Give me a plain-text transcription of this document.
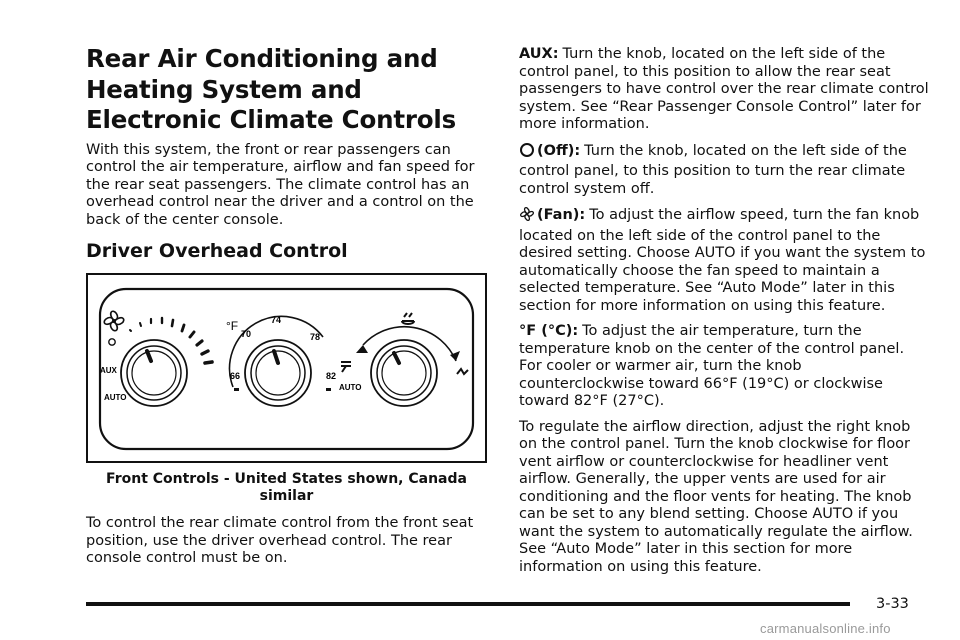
Rear Air Conditioning and Heating System and Electronic Climate Controls

With this system, the front or rear passengers can control the air temperature, airflow and fan speed for the rear seat passengers. The climate control has an overhead control near the driver and a control on the back of the center console.

Driver Overhead Control
AUX
AUTO
°F
70
74
78
66	82
AUTO
Front Controls - United States shown, Canada similar

To control the rear climate control from the front seat position, use the driver overhead control. The rear console control must be on.

AUX: Turn the knob, located on the left side of the control panel, to this position to allow the rear seat passengers to have control over the rear climate control system. See “Rear Passenger Console Control” later for more information.

(Off): Turn the knob, located on the left side of the control panel, to this position to turn the rear climate control system off.

(Fan): To adjust the airflow speed, turn the fan knob located on the left side of the control panel to the desired setting. Choose AUTO if you want the system to automatically choose the fan speed to maintain a selected temperature. See “Auto Mode” later in this section for more information on using this feature.

°F (°C): To adjust the air temperature, turn the temperature knob on the center of the control panel. For cooler or warmer air, turn the knob counterclockwise toward 66°F (19°C) or clockwise toward 82°F (27°C).

To regulate the airflow direction, adjust the right knob on the control panel. Turn the knob clockwise for floor vent airflow or counterclockwise for headliner vent airflow. Generally, the upper vents are used for air conditioning and the floor vents for heating. The knob can be set to any blend setting. Choose AUTO if you want the system to automatically regulate the airflow. See “Auto Mode” later in this section for more information on using this feature.

3-33
carmanualsonline.info
